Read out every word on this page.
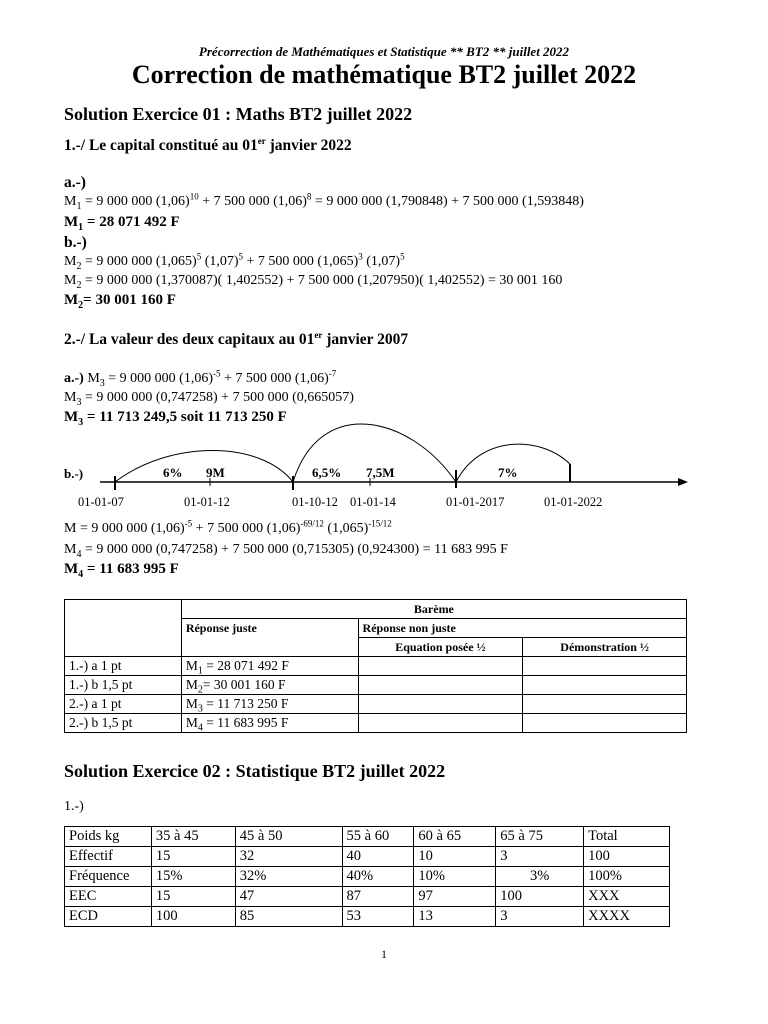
Précorrection de Mathématiques et Statistique ** BT2 ** juillet 2022
Correction de mathématique BT2 juillet 2022
Solution Exercice 01 : Maths BT2 juillet 2022
1.-/ Le capital constitué au 01er janvier 2022
a.-)
$M_1 = 9$ 000 000 $(1,06)^{10} + 7$ 500 000 $(1,06)^8 = 9$ 000 000 (1,790848) + 7 500 000 (1,593848)
$M_1 = 28$ 071 492 F
b.-)
$M_2 = 9$ 000 000 $(1,065)^5$ $(1,07)^5 + 7$ 500 000 $(1,065)^3$ $(1,07)^5$
$M_2 = 9$ 000 000 (1,370087)( 1,402552) + 7 500 000 (1,207950)( 1,402552) = 30 001 160
$M_2= 30$ 001 160 F
2.-/ La valeur des deux capitaux au 01er janvier 2007
a.-) $M_3 = 9$ 000 000 $(1,06)^{-5} + 7$ 500 000 $(1,06)^{-7}$
$M_3 = 9$ 000 000 (0,747258) + 7 500 000 (0,665057)
$M_3 = 11$ 713 249,5 soit 11 713 250 F
b.-)	6% 9M	6,5% 7,5M	7%
01-01-07	01-01-12	01-10-12 01-01-14	01-01-2017	01-01-2022
M = 9 000 000 $(1,06)^{-5} + 7$ 500 000 $(1,06)^{-69/12}$ $(1,065)^{-15/12}$
$M_4 = 9$ 000 000 (0,747258) + 7 500 000 (0,715305) (0,924300) = 11 683 995 F
$M_4 = 11$ 683 995 F
	Barème		
	Réponse juste	Réponse non juste	
		Equation posée ½	Démonstration ½
1.-) a 1 pt	$M_1 = 28$ 071 492 F		
1.-) b 1,5 pt	$M_2= 30$ 001 160 F		
2.-) a 1 pt	$M_3 = 11$ 713 250 F		
2.-) b 1,5 pt	$M_4 = 11$ 683 995 F		
Solution Exercice 02 : Statistique BT2 juillet 2022
1.-)
Poids kg	35 à 45	45 à 50	55 à 60	60 à 65	65 à 75	Total
Effectif	15	32	40	10	3	100
Fréquence	15%	32%	40%	10%	3%	100%
EEC	15	47	87	97	100	XXX
ECD	100	85	53	13	3	XXXX
1
